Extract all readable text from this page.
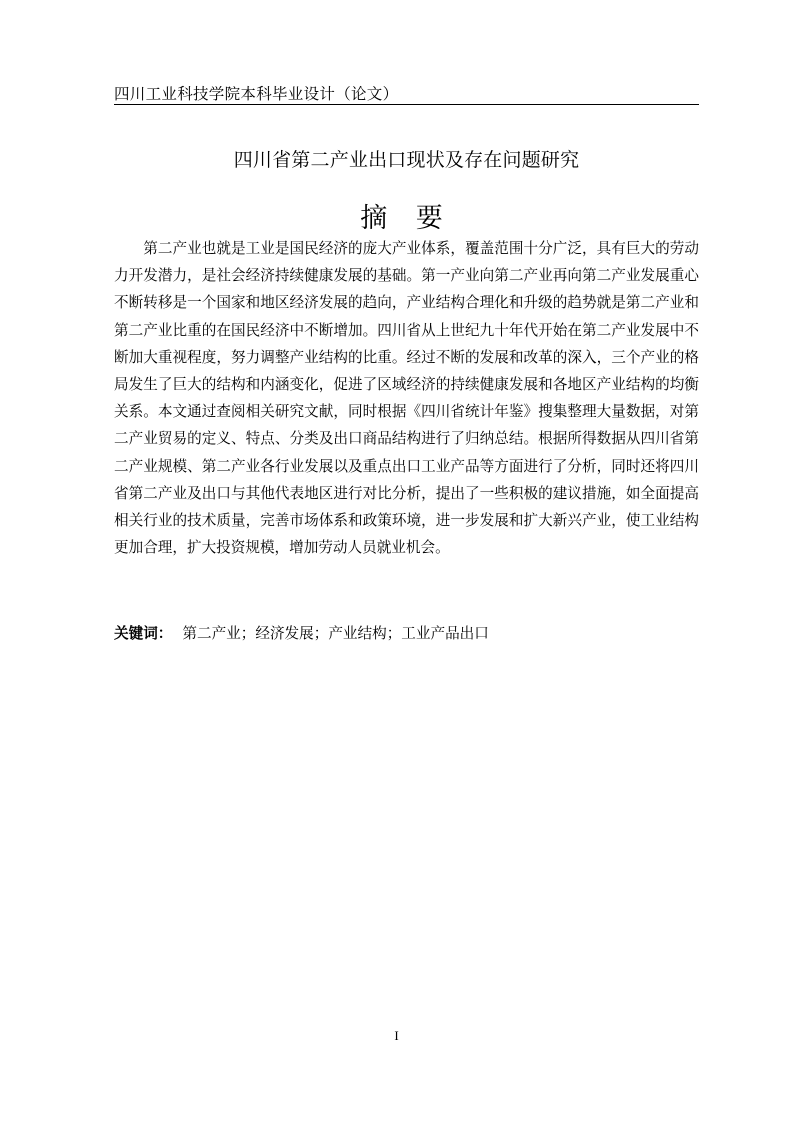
四川工业科技学院本科毕业设计（论文）
四川省第二产业出口现状及存在问题研究
摘 要

第二产业也就是工业是国民经济的庞大产业体系，覆盖范围十分广泛，具有巨大的劳动力开发潜力，是社会经济持续健康发展的基础。第一产业向第二产业再向第二产业发展重心不断转移是一个国家和地区经济发展的趋向，产业结构合理化和升级的趋势就是第二产业和第二产业比重的在国民经济中不断增加。四川省从上世纪九十年代开始在第二产业发展中不断加大重视程度，努力调整产业结构的比重。经过不断的发展和改革的深入，三个产业的格局发生了巨大的结构和内涵变化，促进了区域经济的持续健康发展和各地区产业结构的均衡关系。本文通过查阅相关研究文献，同时根据《四川省统计年鉴》搜集整理大量数据，对第二产业贸易的定义、特点、分类及出口商品结构进行了归纳总结。根据所得数据从四川省第二产业规模、第二产业各行业发展以及重点出口工业产品等方面进行了分析，同时还将四川省第二产业及出口与其他代表地区进行对比分析，提出了一些积极的建议措施，如全面提高相关行业的技术质量，完善市场体系和政策环境，进一步发展和扩大新兴产业，使工业结构更加合理，扩大投资规模，增加劳动人员就业机会。

关键词： 第二产业；经济发展；产业结构；工业产品出口
I
